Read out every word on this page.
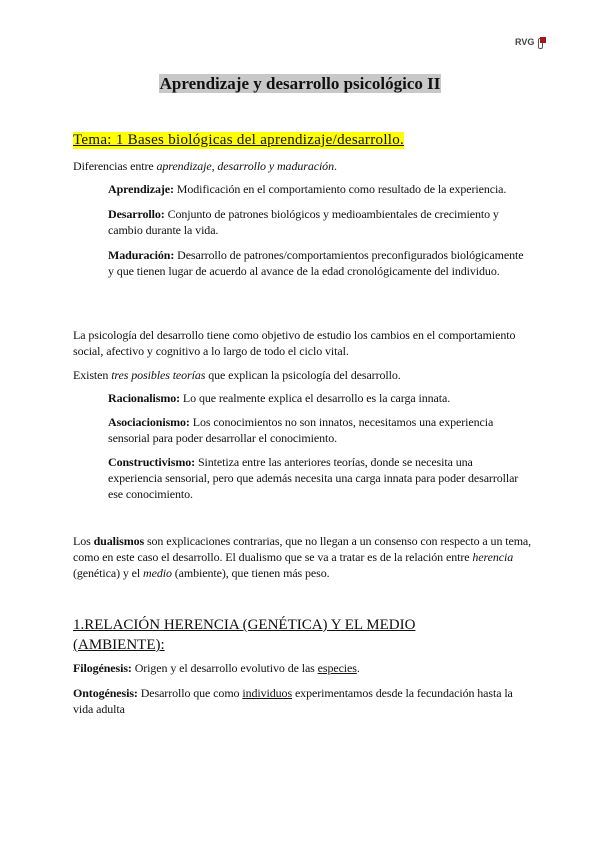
RVG
Aprendizaje y desarrollo psicológico II
Tema: 1 Bases biológicas del aprendizaje/desarrollo.
Diferencias entre aprendizaje, desarrollo y maduración.
Aprendizaje: Modificación en el comportamiento como resultado de la experiencia.
Desarrollo: Conjunto de patrones biológicos y medioambientales de crecimiento y cambio durante la vida.
Maduración: Desarrollo de patrones/comportamientos preconfigurados biológicamente y que tienen lugar de acuerdo al avance de la edad cronológicamente del individuo.
La psicología del desarrollo tiene como objetivo de estudio los cambios en el comportamiento social, afectivo y cognitivo a lo largo de todo el ciclo vital.
Existen tres posibles teorías que explican la psicología del desarrollo.
Racionalismo: Lo que realmente explica el desarrollo es la carga innata.
Asociacionismo: Los conocimientos no son innatos, necesitamos una experiencia sensorial para poder desarrollar el conocimiento.
Constructivismo: Sintetiza entre las anteriores teorías, donde se necesita una experiencia sensorial, pero que además necesita una carga innata para poder desarrollar ese conocimiento.
Los dualismos son explicaciones contrarias, que no llegan a un consenso con respecto a un tema, como en este caso el desarrollo. El dualismo que se va a tratar es de la relación entre herencia (genética) y el medio (ambiente), que tienen más peso.
1.RELACIÓN HERENCIA (GENÉTICA) Y EL MEDIO (AMBIENTE):
Filogénesis: Origen y el desarrollo evolutivo de las especies.
Ontogénesis: Desarrollo que como individuos experimentamos desde la fecundación hasta la vida adulta
